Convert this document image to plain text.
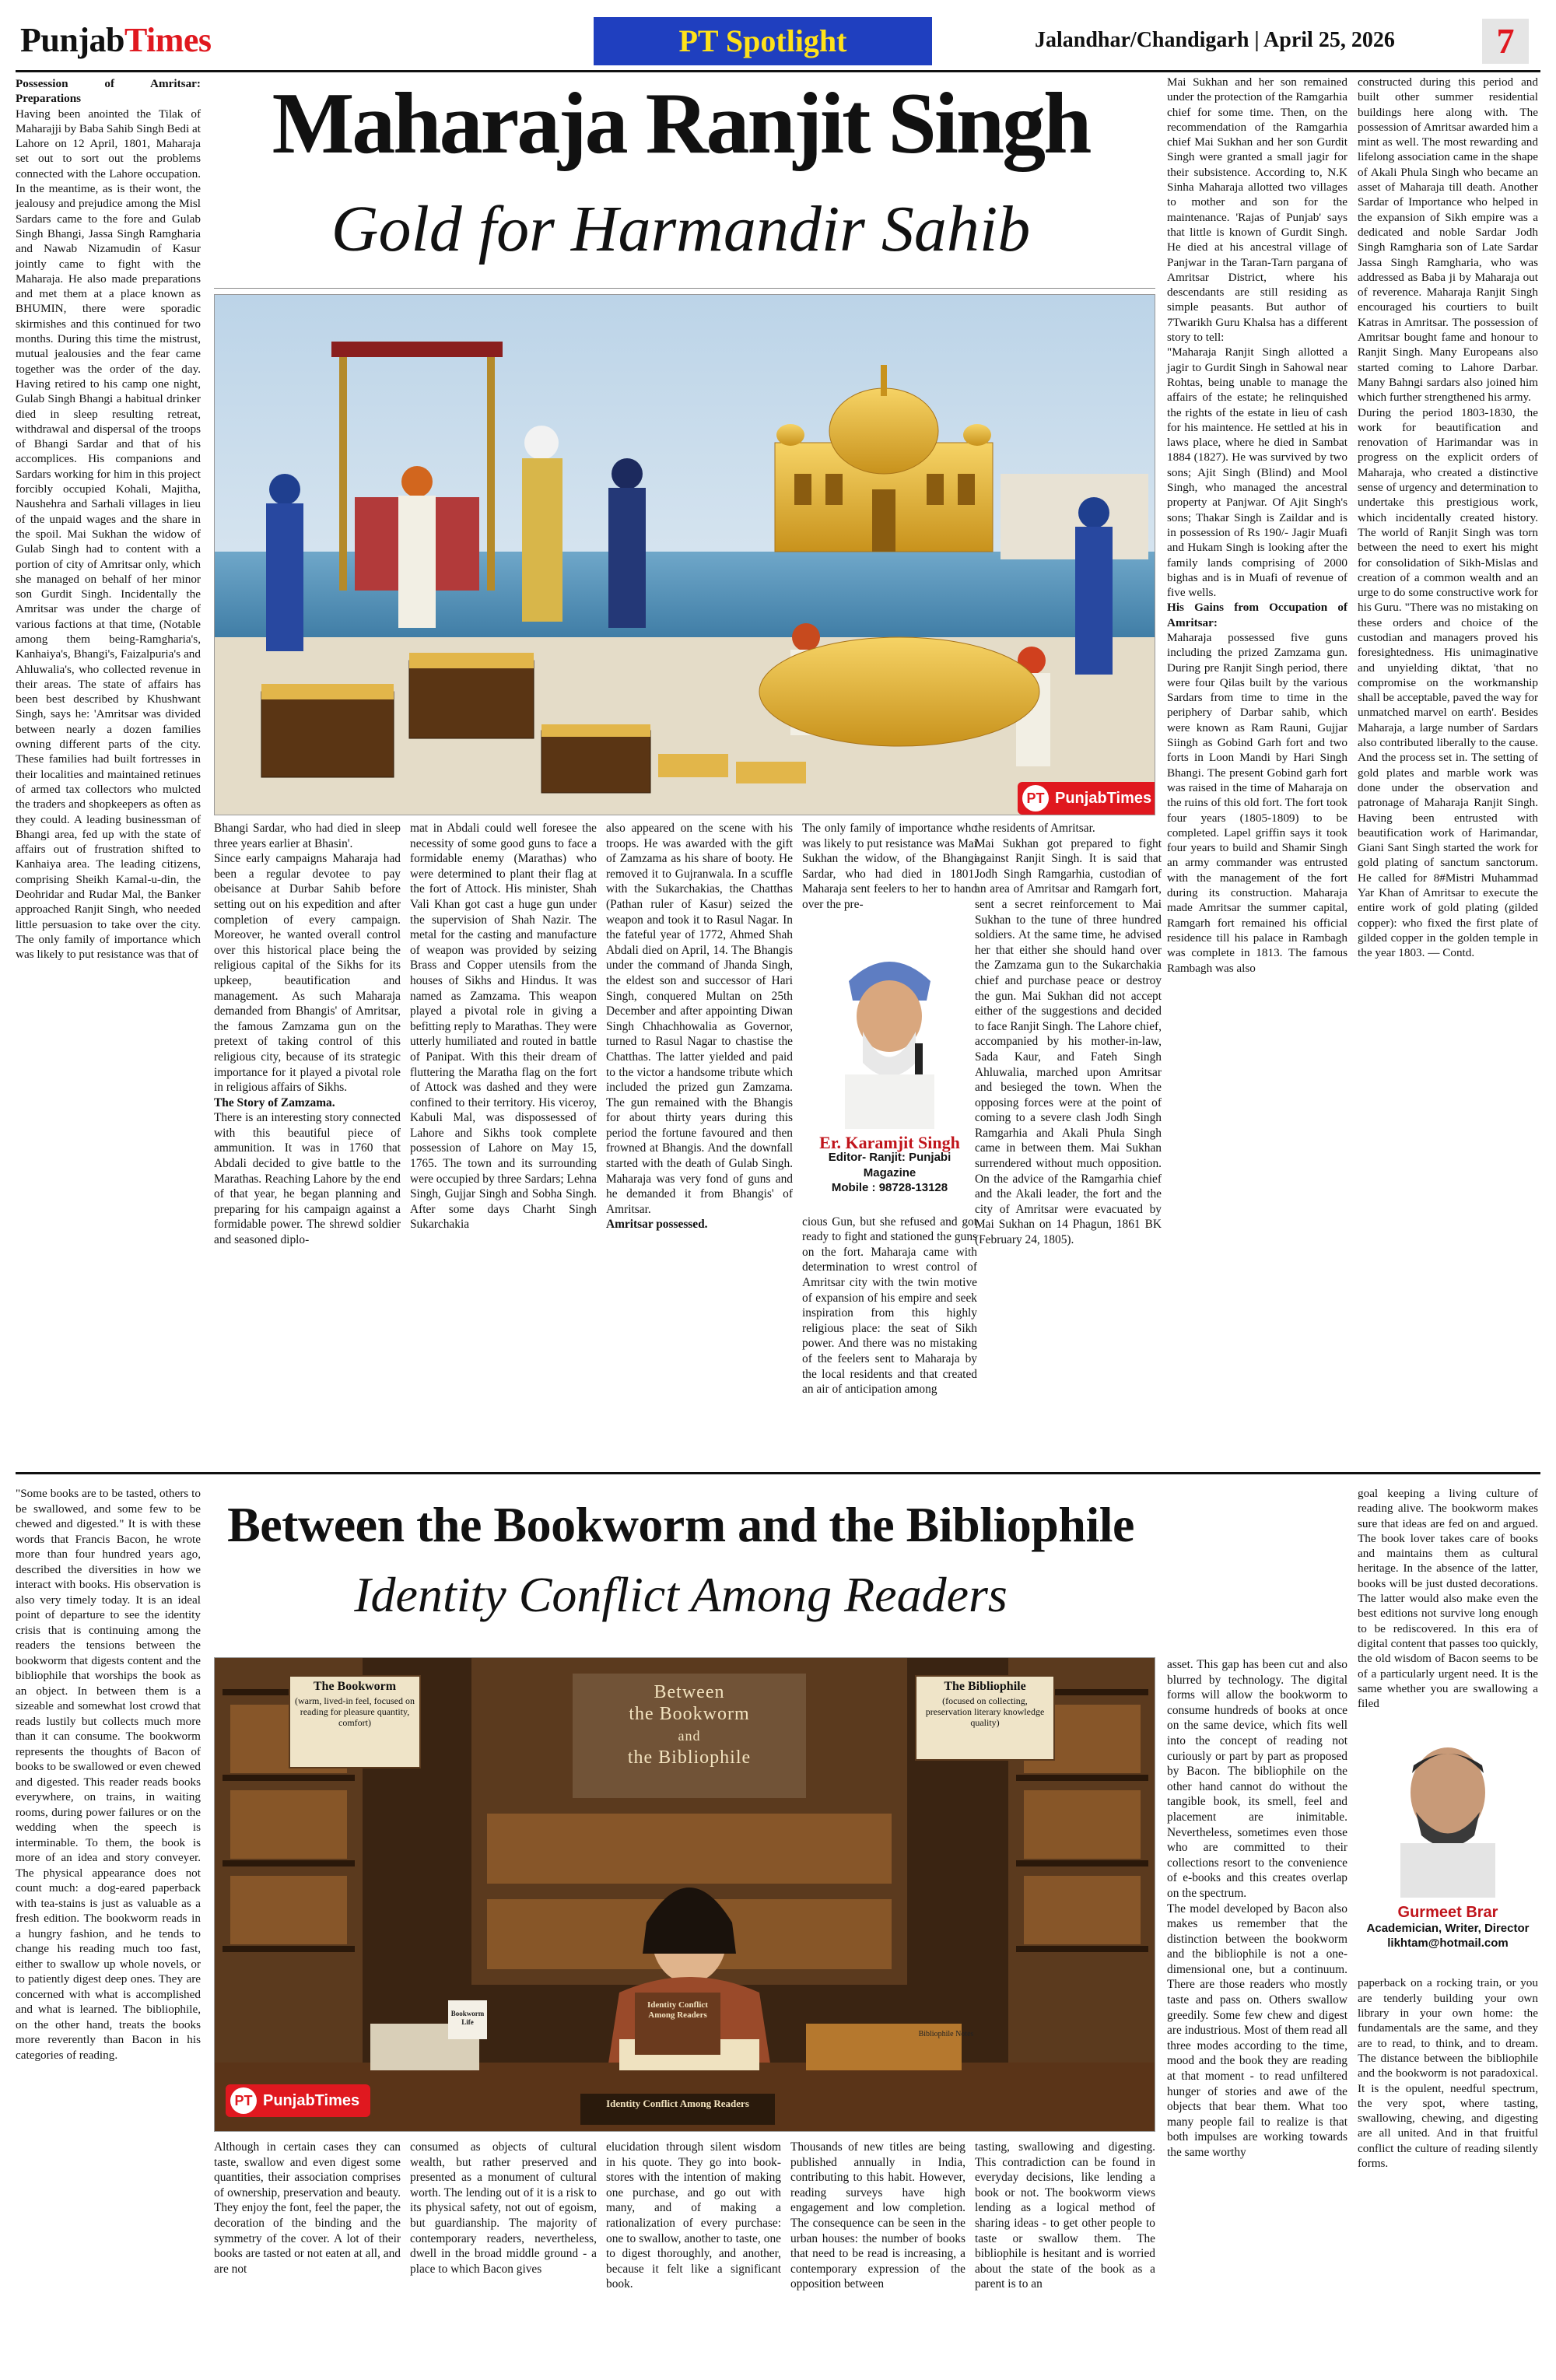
PunjabTimes	PT Spotlight	Jalandhar/Chandigarh | April 25, 2026	7
Maharaja Ranjit Singh
Gold for Harmandir Sahib
PT PunjabTimes

Possession of Amritsar: Preparations
Having been anointed the Tilak of Maharajji by Baba Sahib Singh Bedi at Lahore on 12 April, 1801, Maharaja set out to sort out the problems connected with the Lahore occupation. In the meantime, as is their wont, the jealousy and prejudice among the Misl Sardars came to the fore and Gulab Singh Bhangi, Jassa Singh Ramgharia and Nawab Nizamudin of Kasur jointly came to fight with the Maharaja. He also made preparations and met them at a place known as BHUMIN, there were sporadic skirmishes and this continued for two months. During this time the mistrust, mutual jealousies and the fear came together was the order of the day. Having retired to his camp one night, Gulab Singh Bhangi a habitual drinker died in sleep resulting retreat, withdrawal and dispersal of the troops of Bhangi Sardar and that of his accomplices. His companions and Sardars working for him in this project forcibly occupied Kohali, Majitha, Naushehra and Sarhali villages in lieu of the unpaid wages and the share in the spoil. Mai Sukhan the widow of Gulab Singh had to content with a portion of city of Amritsar only, which she managed on behalf of her minor son Gurdit Singh. Incidentally the Amritsar was under the charge of various factions at that time, (Notable among them being-Ramgharia's, Kanhaiya's, Bhangi's, Faizalpuria's and Ahluwalia's, who collected revenue in their areas. The state of affairs has been best described by Khushwant Singh, says he: 'Amritsar was divided between nearly a dozen families owning different parts of the city. These families had built fortresses in their localities and maintained retinues of armed tax collectors who mulcted the traders and shopkeepers as often as they could. A leading businessman of Bhangi area, fed up with the state of affairs out of frustration shifted to Kanhaiya area. The leading citizens, comprising Sheikh Kamal-u-din, the Deohridar and Rudar Mal, the Banker approached Ranjit Singh, who needed little persuasion to take over the city. The only family of importance which was likely to put resistance was that of

Bhangi Sardar, who had died in sleep three years earlier at Bhasin'.
Since early campaigns Maharaja had been a regular devotee to pay obeisance at Durbar Sahib before setting out on his expedition and after completion of every campaign. Moreover, he wanted overall control over this historical place being the religious capital of the Sikhs for its upkeep, beautification and management. As such Maharaja demanded from Bhangis' of Amritsar, the famous Zamzama gun on the pretext of taking control of this religious city, because of its strategic importance for it played a pivotal role in religious affairs of Sikhs.
The Story of Zamzama.
There is an interesting story connected with this beautiful piece of ammunition. It was in 1760 that Abdali decided to give battle to the Marathas. Reaching Lahore by the end of that year, he began planning and preparing for his campaign against a formidable power. The shrewd soldier and seasoned diplo-

mat in Abdali could well foresee the necessity of some good guns to face a formidable enemy (Marathas) who were determined to plant their flag at the fort of Attock. His minister, Shah Vali Khan got cast a huge gun under the supervision of Shah Nazir. The metal for the casting and manufacture of weapon was provided by seizing Brass and Copper utensils from the houses of Sikhs and Hindus. It was named as Zamzama. This weapon played a pivotal role in giving a befitting reply to Marathas. They were utterly humiliated and routed in battle of Panipat. With this their dream of fluttering the Maratha flag on the fort of Attock was dashed and they were confined to their territory. His viceroy, Kabuli Mal, was dispossessed of Lahore and Sikhs took complete possession of Lahore on May 15, 1765. The town and its surrounding were occupied by three Sardars; Lehna Singh, Gujjar Singh and Sobha Singh. After some days Charht Singh Sukarchakia

also appeared on the scene with his troops. He was awarded with the gift of Zamzama as his share of booty. He removed it to Gujranwala. In a scuffle with the Sukarchakias, the Chatthas (Pathan ruler of Kasur) seized the weapon and took it to Rasul Nagar. In the fateful year of 1772, Ahmed Shah Abdali died on April, 14. The Bhangis under the command of Jhanda Singh, the eldest son and successor of Hari Singh, conquered Multan on 25th December and after appointing Diwan Singh Chhachhowalia as Governor, turned to Rasul Nagar to chastise the Chatthas. The latter yielded and paid to the victor a handsome tribute which included the prized gun Zamzama. The gun remained with the Bhangis for about thirty years during this period the fortune favoured and then frowned at Bhangis. And the downfall started with the death of Gulab Singh. Maharaja was very fond of guns and he demanded it from Bhangis' of Amritsar.
Amritsar possessed.

The only family of importance who was likely to put resistance was Mai Sukhan the widow, of the Bhangi Sardar, who had died in 1801. Maharaja sent feelers to her to hand over the pre-

Er. Karamjit Singh
Editor- Ranjit: Punjabi Magazine
Mobile : 98728-13128

cious Gun, but she refused and got ready to fight and stationed the guns on the fort. Maharaja came with determination to wrest control of Amritsar city with the twin motive of expansion of his empire and seek inspiration from this highly religious place: the seat of Sikh power. And there was no mistaking of the feelers sent to Maharaja by the local residents and that created an air of anticipation among

the residents of Amritsar.
Mai Sukhan got prepared to fight against Ranjit Singh. It is said that Jodh Singh Ramgarhia, custodian of an area of Amritsar and Ramgarh fort, sent a secret reinforcement to Mai Sukhan to the tune of three hundred soldiers. At the same time, he advised her that either she should hand over the Zamzama gun to the Sukarchakia chief and purchase peace or destroy the gun. Mai Sukhan did not accept either of the suggestions and decided to face Ranjit Singh. The Lahore chief, accompanied by his mother-in-law, Sada Kaur, and Fateh Singh Ahluwalia, marched upon Amritsar and besieged the town. When the opposing forces were at the point of coming to a severe clash Jodh Singh Ramgarhia and Akali Phula Singh came in between them. Mai Sukhan surrendered without much opposition. On the advice of the Ramgarhia chief and the Akali leader, the fort and the city of Amritsar were evacuated by Mai Sukhan on 14 Phagun, 1861 BK (February 24, 1805).

Mai Sukhan and her son remained under the protection of the Ramgarhia chief for some time. Then, on the recommendation of the Ramgarhia chief Mai Sukhan and her son Gurdit Singh were granted a small jagir for their subsistence. According to, N.K Sinha Maharaja allotted two villages to mother and son for the maintenance. 'Rajas of Punjab' says that little is known of Gurdit Singh. He died at his ancestral village of Panjwar in the Taran-Tarn pargana of Amritsar District, where his descendants are still residing as simple peasants. But author of 7Twarikh Guru Khalsa has a different story to tell:
"Maharaja Ranjit Singh allotted a jagir to Gurdit Singh in Sahowal near Rohtas, being unable to manage the affairs of the estate; he relinquished the rights of the estate in lieu of cash for his maintence. He settled at his in laws place, where he died in Sambat 1884 (1827). He was survived by two sons; Ajit Singh (Blind) and Mool Singh, who managed the ancestral property at Panjwar. Of Ajit Singh's sons; Thakar Singh is Zaildar and is in possession of Rs 190/- Jagir Muafi and Hukam Singh is looking after the family lands comprising of 2000 bighas and is in Muafi of revenue of five wells.
His Gains from Occupation of Amritsar:
Maharaja possessed five guns including the prized Zamzama gun. During pre Ranjit Singh period, there were four Qilas built by the various Sardars from time to time in the periphery of Darbar sahib, which were known as Ram Rauni, Gujjar Siingh as Gobind Garh fort and two forts in Loon Mandi by Hari Singh Bhangi. The present Gobind garh fort was raised in the time of Maharaja on the ruins of this old fort. The fort took four years (1805-1809) to be completed. Lapel griffin says it took four years to build and Shamir Singh an army commander was entrusted with the management of the fort during its construction. Maharaja made Amritsar the summer capital, Ramgarh fort remained his official residence till his palace in Rambagh was complete in 1813. The famous Rambagh was also

constructed during this period and built other summer residential buildings here along with. The possession of Amritsar awarded him a mint as well. The most rewarding and lifelong association came in the shape of Akali Phula Singh who became an asset of Maharaja till death. Another Sardar of Importance who helped in the expansion of Sikh empire was a dedicated and noble Sardar Jodh Singh Ramgharia son of Late Sardar Jassa Singh Ramgharia, who was addressed as Baba ji by Maharaja out of reverence. Maharaja Ranjit Singh encouraged his courtiers to built Katras in Amritsar. The possession of Amritsar bought fame and honour to Ranjit Singh. Many Europeans also started coming to Lahore Darbar. Many Bahngi sardars also joined him which further strengthened his army.
During the period 1803-1830, the work for beautification and renovation of Harimandar was in progress on the explicit orders of Maharaja, who created a distinctive sense of urgency and determination to undertake this prestigious work, which incidentally created history. The world of Ranjit Singh was torn between the need to exert his might for consolidation of Sikh-Mislas and creation of a common wealth and an urge to do some constructive work for his Guru. "There was no mistaking on these orders and choice of the custodian and managers proved his foresightedness. His unimaginative and unyielding diktat, 'that no compromise on the workmanship shall be acceptable, paved the way for unmatched marvel on earth'. Besides Maharaja, a large number of Sardars also contributed liberally to the cause. And the process set in. The setting of gold plates and marble work was done under the observation and patronage of Maharaja Ranjit Singh. Having been entrusted with beautification work of Harimandar, Giani Sant Singh started the work for gold plating of sanctum sanctorum. He called for 8#Mistri Muhammad Yar Khan of Amritsar to execute the entire work of gold plating (gilded copper): who fixed the first plate of gilded copper in the golden temple in the year 1803. — Contd.

Between the Bookworm and the Bibliophile
Identity Conflict Among Readers
The Bookworm
(warm, lived-in feel, focused on reading for pleasure quantity, comfort)
Between
the Bookworm
and
the Bibliophile
The Bibliophile
(focused on collecting, preservation literary knowledge quality)
Identity Conflict Among Readers
Bookworm Life
Bibliophile Notes
Identity Conflict Among Readers
PT PunjabTimes

"Some books are to be tasted, others to be swallowed, and some few to be chewed and digested." It is with these words that Francis Bacon, he wrote more than four hundred years ago, described the diversities in how we interact with books. His observation is also very timely today. It is an ideal point of departure to see the identity crisis that is continuing among the readers the tensions between the bookworm that digests content and the bibliophile that worships the book as an object. In between them is a sizeable and somewhat lost crowd that reads lustily but collects much more than it can consume. The bookworm represents the thoughts of Bacon of books to be swallowed or even chewed and digested. This reader reads books everywhere, on trains, in waiting rooms, during power failures or on the wedding when the speech is interminable. To them, the book is more of an idea and story conveyer. The physical appearance does not count much: a dog-eared paperback with tea-stains is just as valuable as a fresh edition. The bookworm reads in a hungry fashion, and he tends to change his reading much too fast, either to swallow up whole novels, or to patiently digest deep ones. They are concerned with what is accomplished and what is learned. The bibliophile, on the other hand, treats the books more reverently than Bacon in his categories of reading.

Although in certain cases they can taste, swallow and even digest some quantities, their association comprises of ownership, preservation and beauty. They enjoy the font, feel the paper, the decoration of the binding and the symmetry of the cover. A lot of their books are tasted or not eaten at all, and are not

consumed as objects of cultural wealth, but rather preserved and presented as a monument of cultural worth. The lending out of it is a risk to its physical safety, not out of egoism, but guardianship. The majority of contemporary readers, nevertheless, dwell in the broad middle ground - a place to which Bacon gives

elucidation through silent wisdom in his quote. They go into book-stores with the intention of making one purchase, and go out with many, and of making a rationalization of every purchase: one to swallow, another to taste, one to digest thoroughly, and another, because it felt like a significant book.

Thousands of new titles are being published annually in India, contributing to this habit. However, reading surveys have high engagement and low completion. The consequence can be seen in the urban houses: the number of books that need to be read is increasing, a contemporary expression of the opposition between

tasting, swallowing and digesting. This contradiction can be found in everyday decisions, like lending a book or not. The bookworm views lending as a logical method of sharing ideas - to get other people to taste or swallow them. The bibliophile is hesitant and is worried about the state of the book as a parent is to an

asset. This gap has been cut and also blurred by technology. The digital forms will allow the bookworm to consume hundreds of books at once on the same device, which fits well into the concept of reading not curiously or part by part as proposed by Bacon. The bibliophile on the other hand cannot do without the tangible book, its smell, feel and placement are inimitable. Nevertheless, sometimes even those who are committed to their collections resort to the convenience of e-books and this creates overlap on the spectrum.
The model developed by Bacon also makes us remember that the distinction between the bookworm and the bibliophile is not a one-dimensional one, but a continuum. There are those readers who mostly taste and pass on. Others swallow greedily. Some few chew and digest are industrious. Most of them read all three modes according to the time, mood and the book they are reading at that moment - to read unfiltered hunger of stories and awe of the objects that bear them. What too many people fail to realize is that both impulses are working towards the same worthy

goal keeping a living culture of reading alive. The bookworm makes sure that ideas are fed on and argued. The book lover takes care of books and maintains them as cultural heritage. In the absence of the latter, books will be just dusted decorations. The latter would also make even the best editions not survive long enough to be rediscovered. In this era of digital content that passes too quickly, the old wisdom of Bacon seems to be of a particularly urgent need. It is the same whether you are swallowing a filed

Gurmeet Brar
Academician, Writer, Director
likhtam@hotmail.com

paperback on a rocking train, or you are tenderly building your own library in your own home: the fundamentals are the same, and they are to read, to think, and to dream. The distance between the bibliophile and the bookworm is not paradoxical. It is the opulent, needful spectrum, the very spot, where tasting, swallowing, chewing, and digesting are all united. And in that fruitful conflict the culture of reading silently forms.
